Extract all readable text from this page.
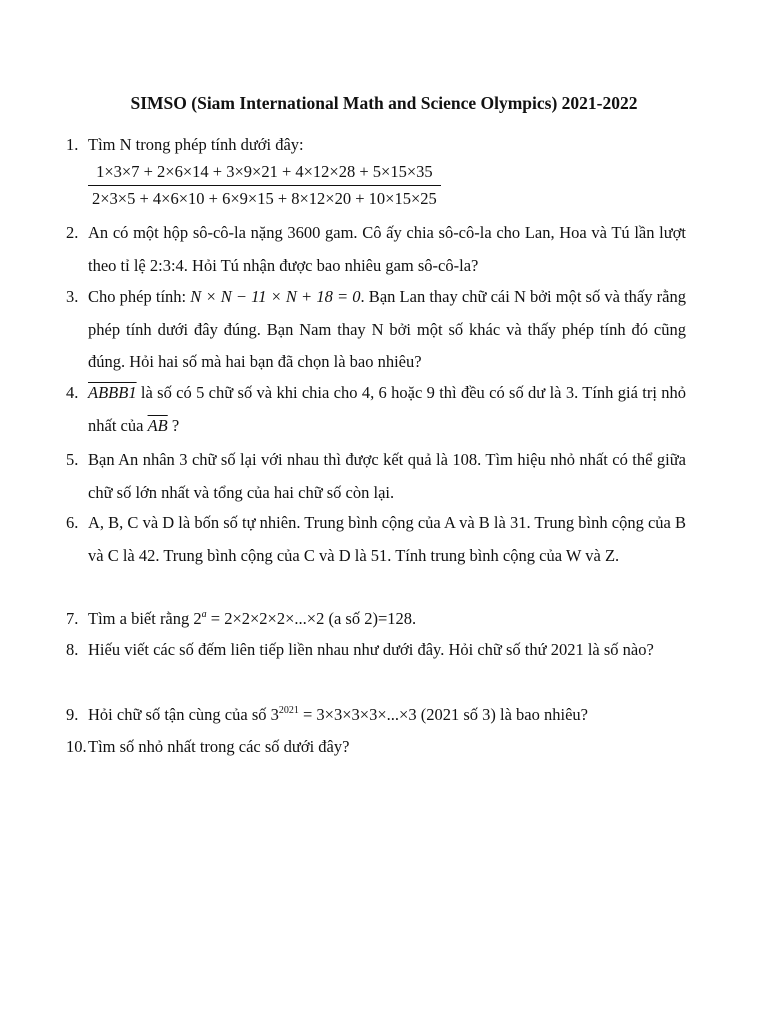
SIMSO (Siam International Math and Science Olympics) 2021-2022
1. Tìm N trong phép tính dưới đây:
1×3×7 + 2×6×14 + 3×9×21 + 4×12×28 + 5×15×35
2×3×5 + 4×6×10 + 6×9×15 + 8×12×20 + 10×15×25
2. An có một hộp sô-cô-la nặng 3600 gam. Cô ấy chia sô-cô-la cho Lan, Hoa và Tú lần lượt theo tỉ lệ 2:3:4. Hỏi Tú nhận được bao nhiêu gam sô-cô-la?
3. Cho phép tính: N × N − 11 × N + 18 = 0. Bạn Lan thay chữ cái N bởi một số và thấy rằng phép tính dưới đây đúng. Bạn Nam thay N bởi một số khác và thấy phép tính đó cũng đúng. Hỏi hai số mà hai bạn đã chọn là bao nhiêu?
4. ABBB1 là số có 5 chữ số và khi chia cho 4, 6 hoặc 9 thì đều có số dư là 3. Tính giá trị nhỏ nhất của $\overline{AB}$ ?
5. Bạn An nhân 3 chữ số lại với nhau thì được kết quả là 108. Tìm hiệu nhỏ nhất có thể giữa chữ số lớn nhất và tổng của hai chữ số còn lại.
6. A, B, C và D là bốn số tự nhiên. Trung bình cộng của A và B là 31. Trung bình cộng của B và C là 42. Trung bình cộng của C và D là 51. Tính trung bình cộng của W và Z.
7. Tìm a biết rằng $2^a = 2\times 2\times 2\times 2\times...\times 2$ (a số 2)=128.
8. Hiếu viết các số đếm liên tiếp liền nhau như dưới đây. Hỏi chữ số thứ 2021 là số nào?
9. Hỏi chữ số tận cùng của số $3^{2021} = 3\times 3\times 3\times 3\times...\times 3$ (2021 số 3) là bao nhiêu?
10. Tìm số nhỏ nhất trong các số dưới đây?
